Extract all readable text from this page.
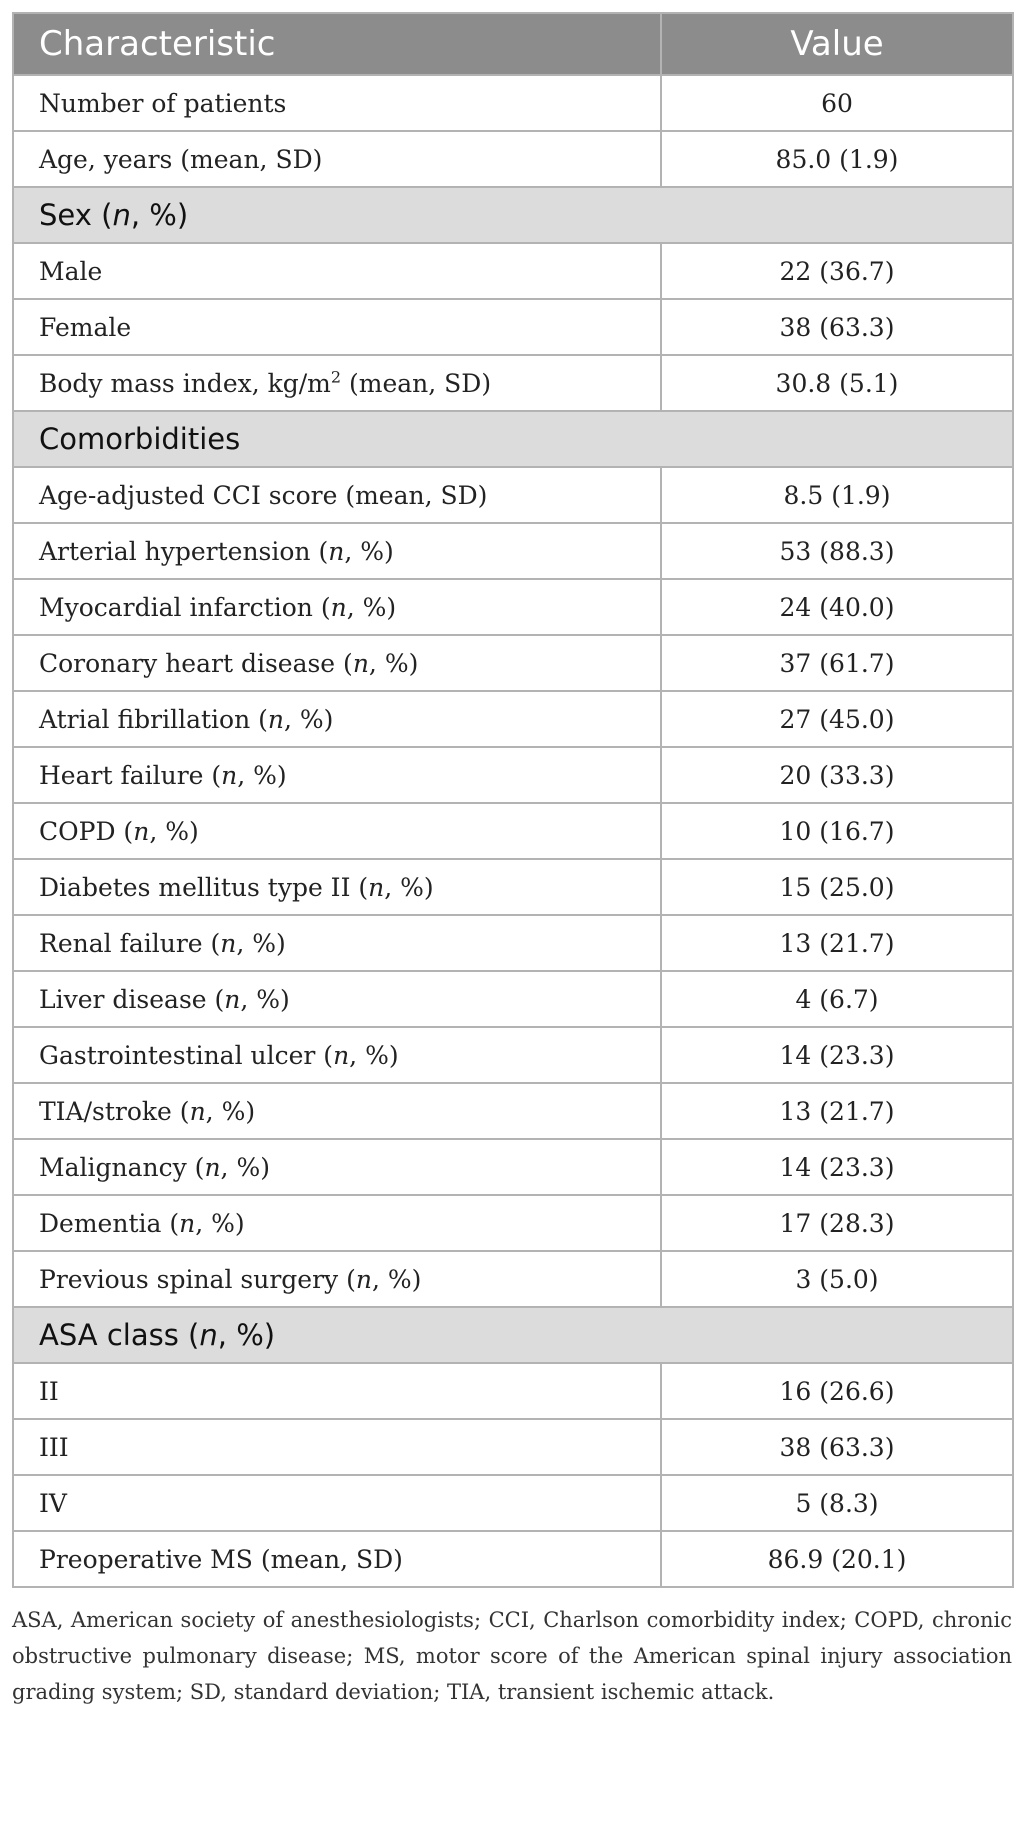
Characteristic	Value
Number of patients	60
Age, years (mean, SD)	85.0 (1.9)
Sex (n, %)	
Male	22 (36.7)
Female	38 (63.3)
Body mass index, $kg/m^2$ (mean, SD)	30.8 (5.1)
Comorbidities	
Age-adjusted CCI score (mean, SD)	8.5 (1.9)
Arterial hypertension (n, %)	53 (88.3)
Myocardial infarction (n, %)	24 (40.0)
Coronary heart disease (n, %)	37 (61.7)
Atrial fibrillation (n, %)	27 (45.0)
Heart failure (n, %)	20 (33.3)
COPD (n, %)	10 (16.7)
Diabetes mellitus type II (n, %)	15 (25.0)
Renal failure (n, %)	13 (21.7)
Liver disease (n, %)	4 (6.7)
Gastrointestinal ulcer (n, %)	14 (23.3)
TIA/stroke (n, %)	13 (21.7)
Malignancy (n, %)	14 (23.3)
Dementia (n, %)	17 (28.3)
Previous spinal surgery (n, %)	3 (5.0)
ASA class (n, %)	
II	16 (26.6)
III	38 (63.3)
IV	5 (8.3)
Preoperative MS (mean, SD)	86.9 (20.1)
ASA, American society of anesthesiologists; CCI, Charlson comorbidity index; COPD, chronic obstructive pulmonary disease; MS, motor score of the American spinal injury association grading system; SD, standard deviation; TIA, transient ischemic attack.
